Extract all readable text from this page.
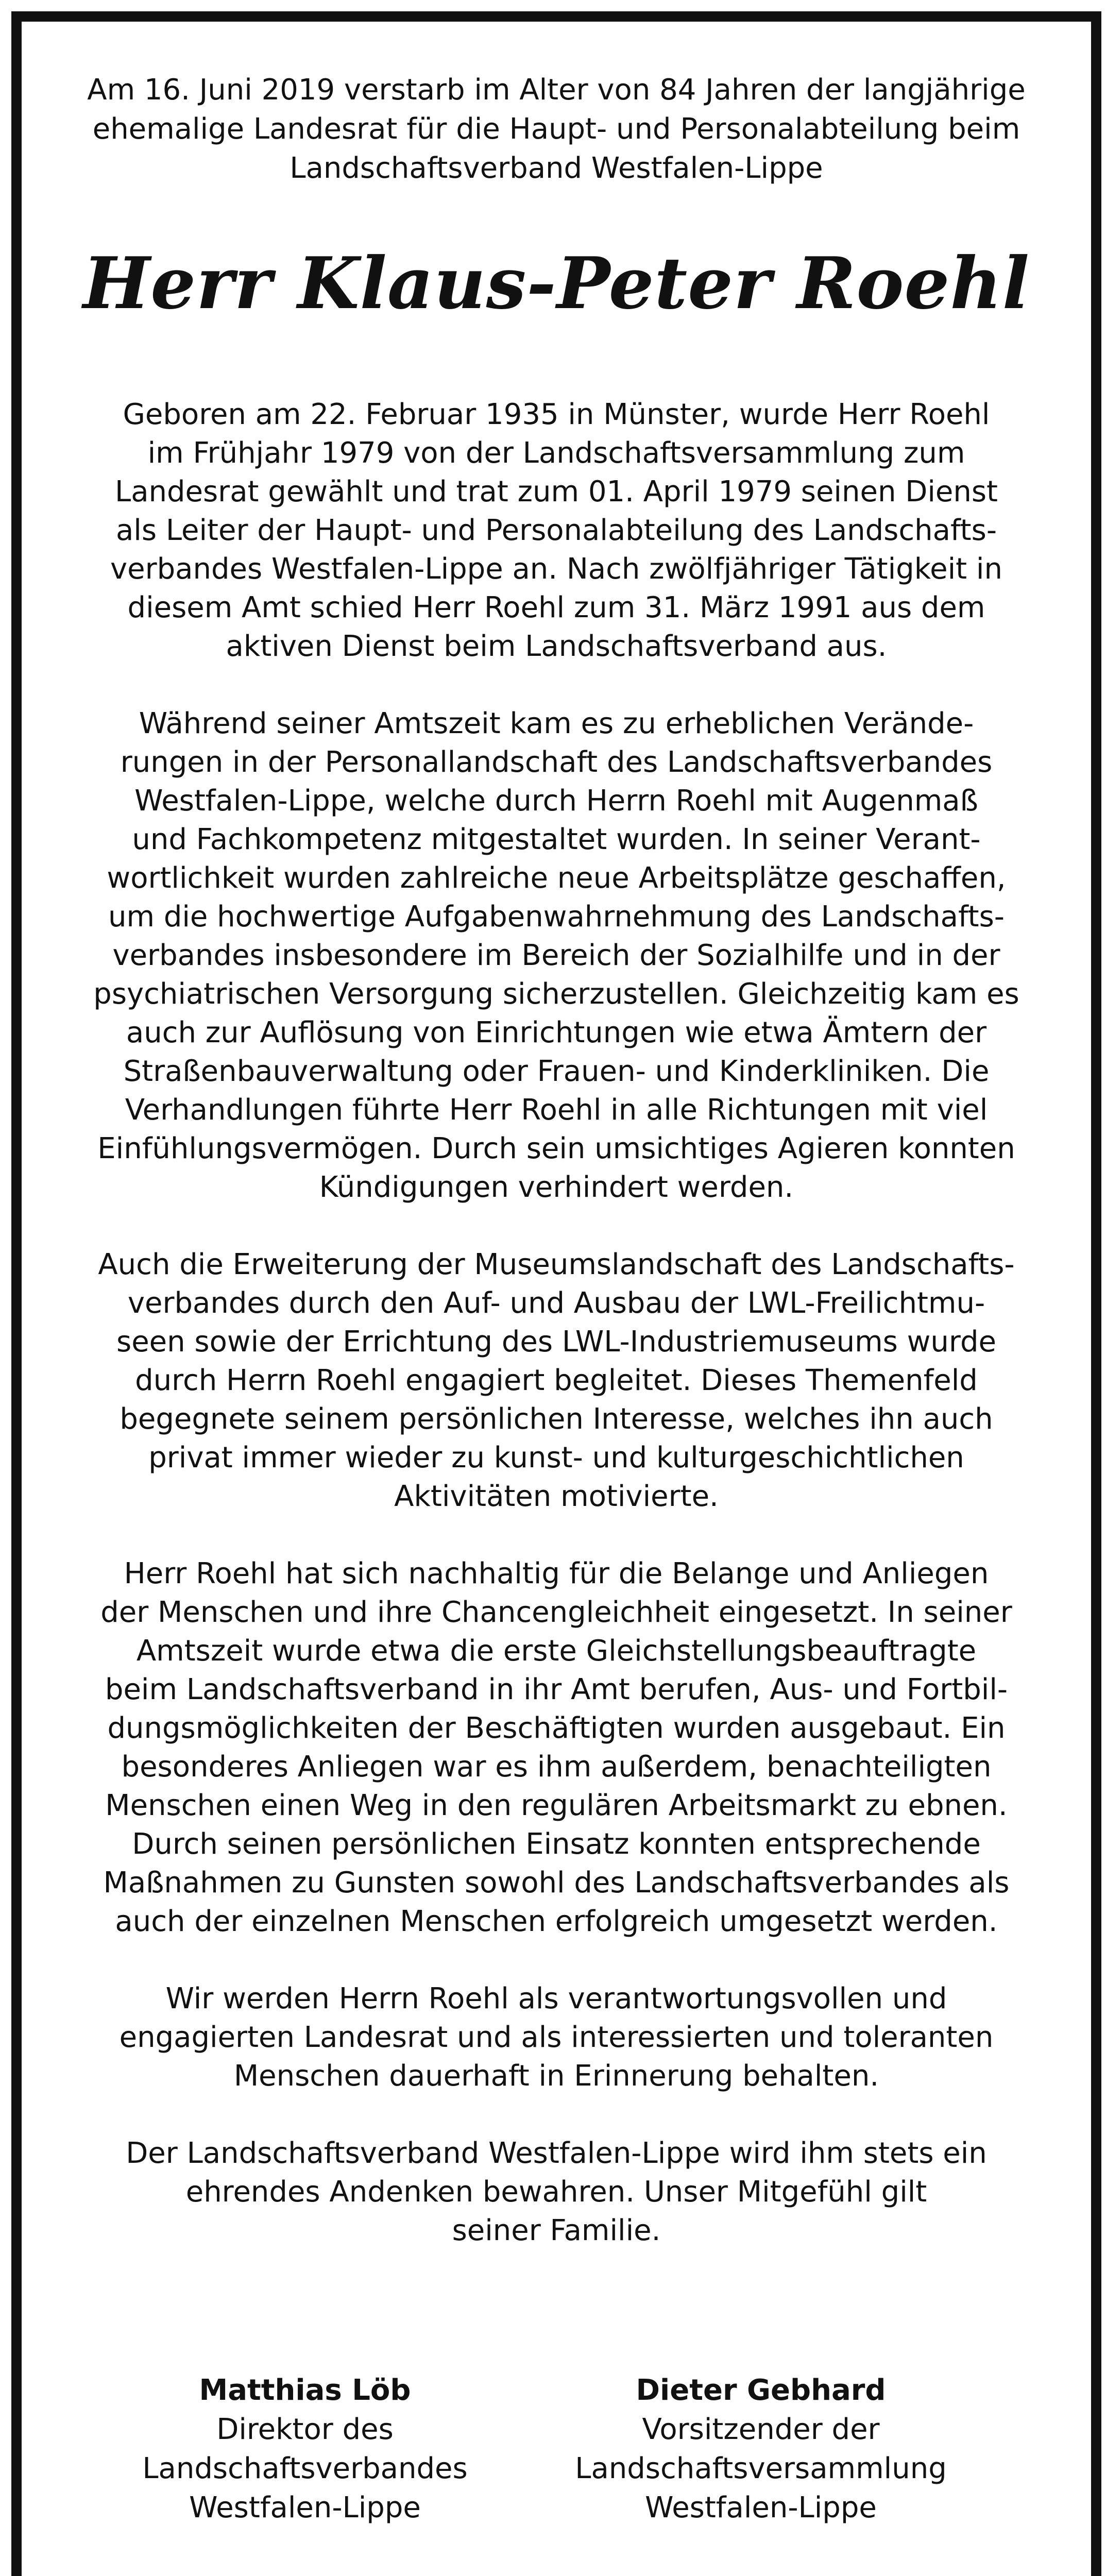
Am 16. Juni 2019 verstarb im Alter von 84 Jahren der langjährige
ehemalige Landesrat für die Haupt- und Personalabteilung beim
Landschaftsverband Westfalen-Lippe
Herr Klaus-Peter Roehl
Geboren am 22. Februar 1935 in Münster, wurde Herr Roehl
im Frühjahr 1979 von der Landschaftsversammlung zum
Landesrat gewählt und trat zum 01. April 1979 seinen Dienst
als Leiter der Haupt- und Personalabteilung des Landschafts-
verbandes Westfalen-Lippe an. Nach zwölfjähriger Tätigkeit in
diesem Amt schied Herr Roehl zum 31. März 1991 aus dem
aktiven Dienst beim Landschaftsverband aus.
Während seiner Amtszeit kam es zu erheblichen Verände-
rungen in der Personallandschaft des Landschaftsverbandes
Westfalen-Lippe, welche durch Herrn Roehl mit Augenmaß
und Fachkompetenz mitgestaltet wurden. In seiner Verant-
wortlichkeit wurden zahlreiche neue Arbeitsplätze geschaffen,
um die hochwertige Aufgabenwahrnehmung des Landschafts-
verbandes insbesondere im Bereich der Sozialhilfe und in der
psychiatrischen Versorgung sicherzustellen. Gleichzeitig kam es
auch zur Auflösung von Einrichtungen wie etwa Ämtern der
Straßenbauverwaltung oder Frauen- und Kinderkliniken. Die
Verhandlungen führte Herr Roehl in alle Richtungen mit viel
Einfühlungsvermögen. Durch sein umsichtiges Agieren konnten
Kündigungen verhindert werden.
Auch die Erweiterung der Museumslandschaft des Landschafts-
verbandes durch den Auf- und Ausbau der LWL-Freilichtmu-
seen sowie der Errichtung des LWL-Industriemuseums wurde
durch Herrn Roehl engagiert begleitet. Dieses Themenfeld
begegnete seinem persönlichen Interesse, welches ihn auch
privat immer wieder zu kunst- und kulturgeschichtlichen
Aktivitäten motivierte.
Herr Roehl hat sich nachhaltig für die Belange und Anliegen
der Menschen und ihre Chancengleichheit eingesetzt. In seiner
Amtszeit wurde etwa die erste Gleichstellungsbeauftragte
beim Landschaftsverband in ihr Amt berufen, Aus- und Fortbil-
dungsmöglichkeiten der Beschäftigten wurden ausgebaut. Ein
besonderes Anliegen war es ihm außerdem, benachteiligten
Menschen einen Weg in den regulären Arbeitsmarkt zu ebnen.
Durch seinen persönlichen Einsatz konnten entsprechende
Maßnahmen zu Gunsten sowohl des Landschaftsverbandes als
auch der einzelnen Menschen erfolgreich umgesetzt werden.
Wir werden Herrn Roehl als verantwortungsvollen und
engagierten Landesrat und als interessierten und toleranten
Menschen dauerhaft in Erinnerung behalten.
Der Landschaftsverband Westfalen-Lippe wird ihm stets ein
ehrendes Andenken bewahren. Unser Mitgefühl gilt
seiner Familie.
Matthias Löb
Direktor des
Landschaftsverbandes
Westfalen-Lippe
Dieter Gebhard
Vorsitzender der
Landschaftsversammlung
Westfalen-Lippe
